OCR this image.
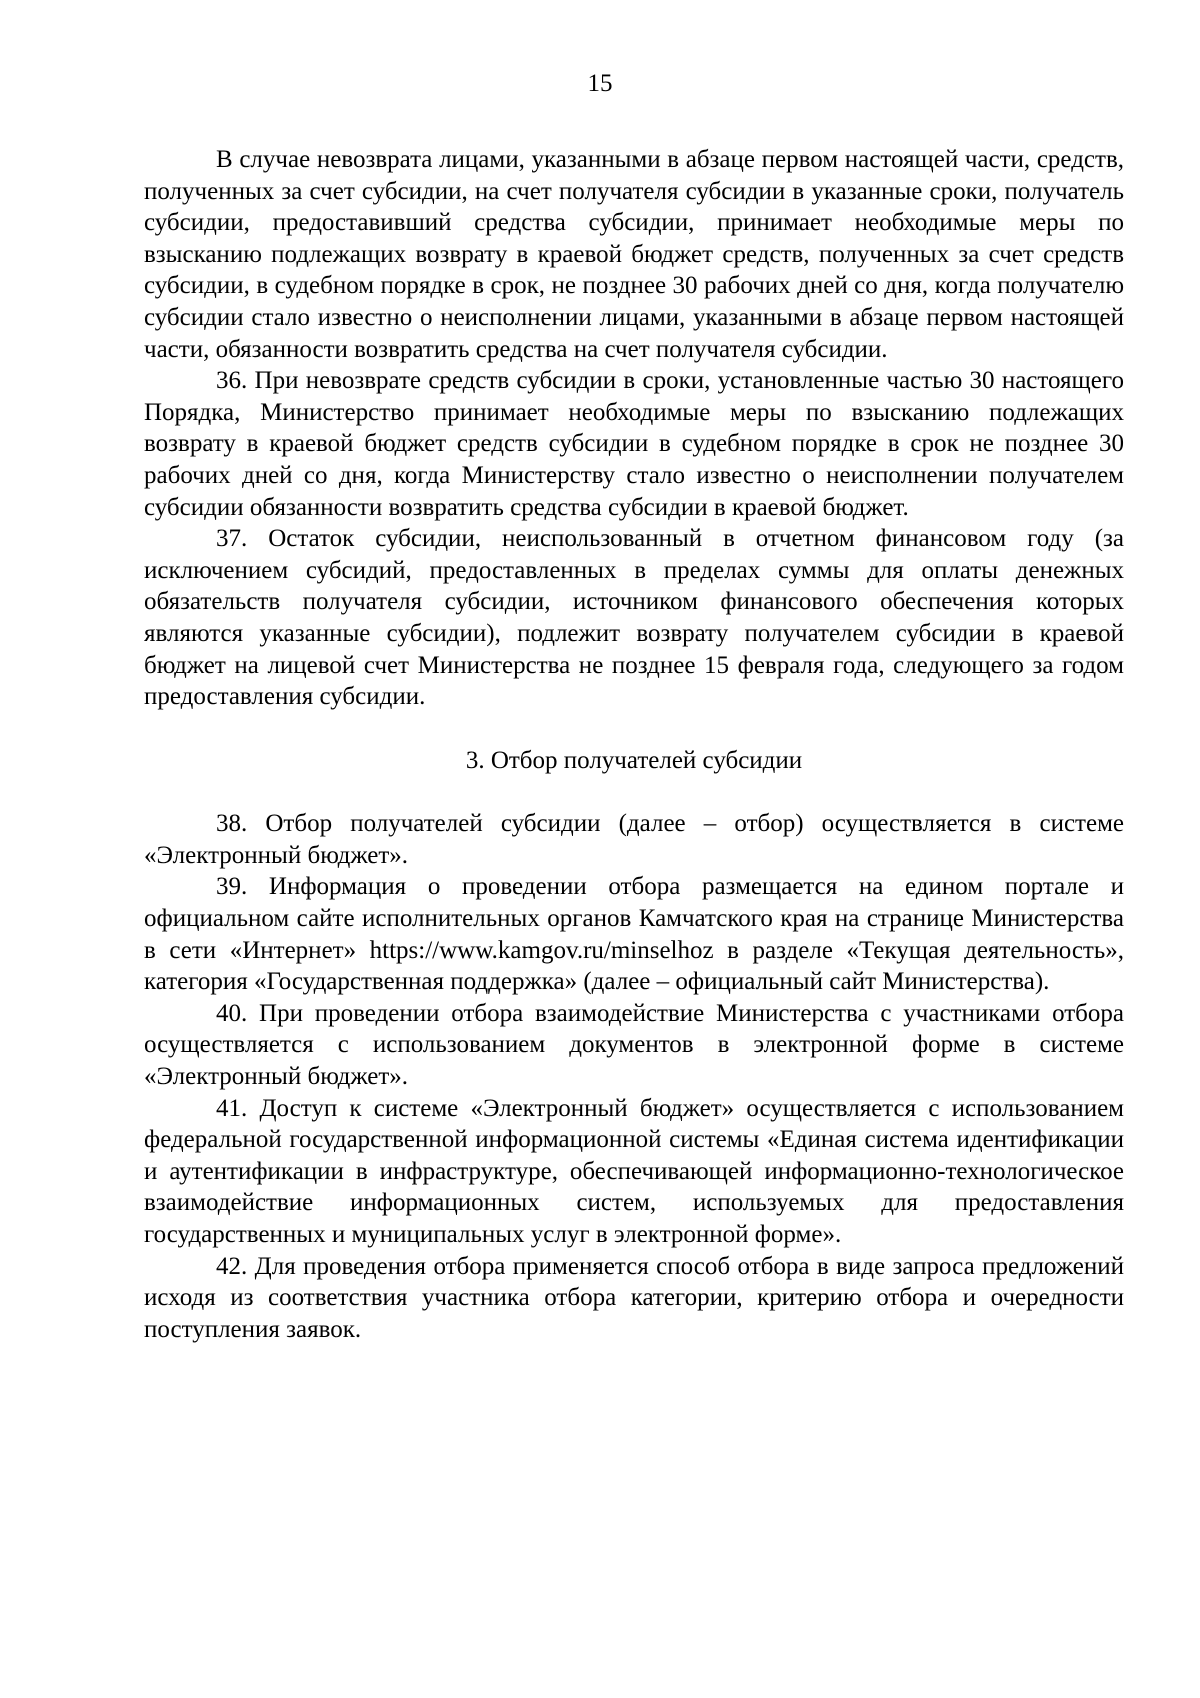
15

В случае невозврата лицами, указанными в абзаце первом настоящей части, средств, полученных за счет субсидии, на счет получателя субсидии в указанные сроки, получатель субсидии, предоставивший средства субсидии, принимает необходимые меры по взысканию подлежащих возврату в краевой бюджет средств, полученных за счет средств субсидии, в судебном порядке в срок, не позднее 30 рабочих дней со дня, когда получателю субсидии стало известно о неисполнении лицами, указанными в абзаце первом настоящей части, обязанности возвратить средства на счет получателя субсидии.

36. При невозврате средств субсидии в сроки, установленные частью 30 настоящего Порядка, Министерство принимает необходимые меры по взысканию подлежащих возврату в краевой бюджет средств субсидии в судебном порядке в срок не позднее 30 рабочих дней со дня, когда Министерству стало известно о неисполнении получателем субсидии обязанности возвратить средства субсидии в краевой бюджет.

37. Остаток субсидии, неиспользованный в отчетном финансовом году (за исключением субсидий, предоставленных в пределах суммы для оплаты денежных обязательств получателя субсидии, источником финансового обеспечения которых являются указанные субсидии), подлежит возврату получателем субсидии в краевой бюджет на лицевой счет Министерства не позднее 15 февраля года, следующего за годом предоставления субсидии.

3. Отбор получателей субсидии

38. Отбор получателей субсидии (далее – отбор) осуществляется в системе «Электронный бюджет».

39. Информация о проведении отбора размещается на едином портале и официальном сайте исполнительных органов Камчатского края на странице Министерства в сети «Интернет» https://www.kamgov.ru/minselhoz в разделе «Текущая деятельность», категория «Государственная поддержка» (далее – официальный сайт Министерства).

40. При проведении отбора взаимодействие Министерства с участниками отбора осуществляется с использованием документов в электронной форме в системе «Электронный бюджет».

41. Доступ к системе «Электронный бюджет» осуществляется с использованием федеральной государственной информационной системы «Единая система идентификации и аутентификации в инфраструктуре, обеспечивающей информационно-технологическое взаимодействие информационных систем, используемых для предоставления государственных и муниципальных услуг в электронной форме».

42. Для проведения отбора применяется способ отбора в виде запроса предложений исходя из соответствия участника отбора категории, критерию отбора и очередности поступления заявок.
